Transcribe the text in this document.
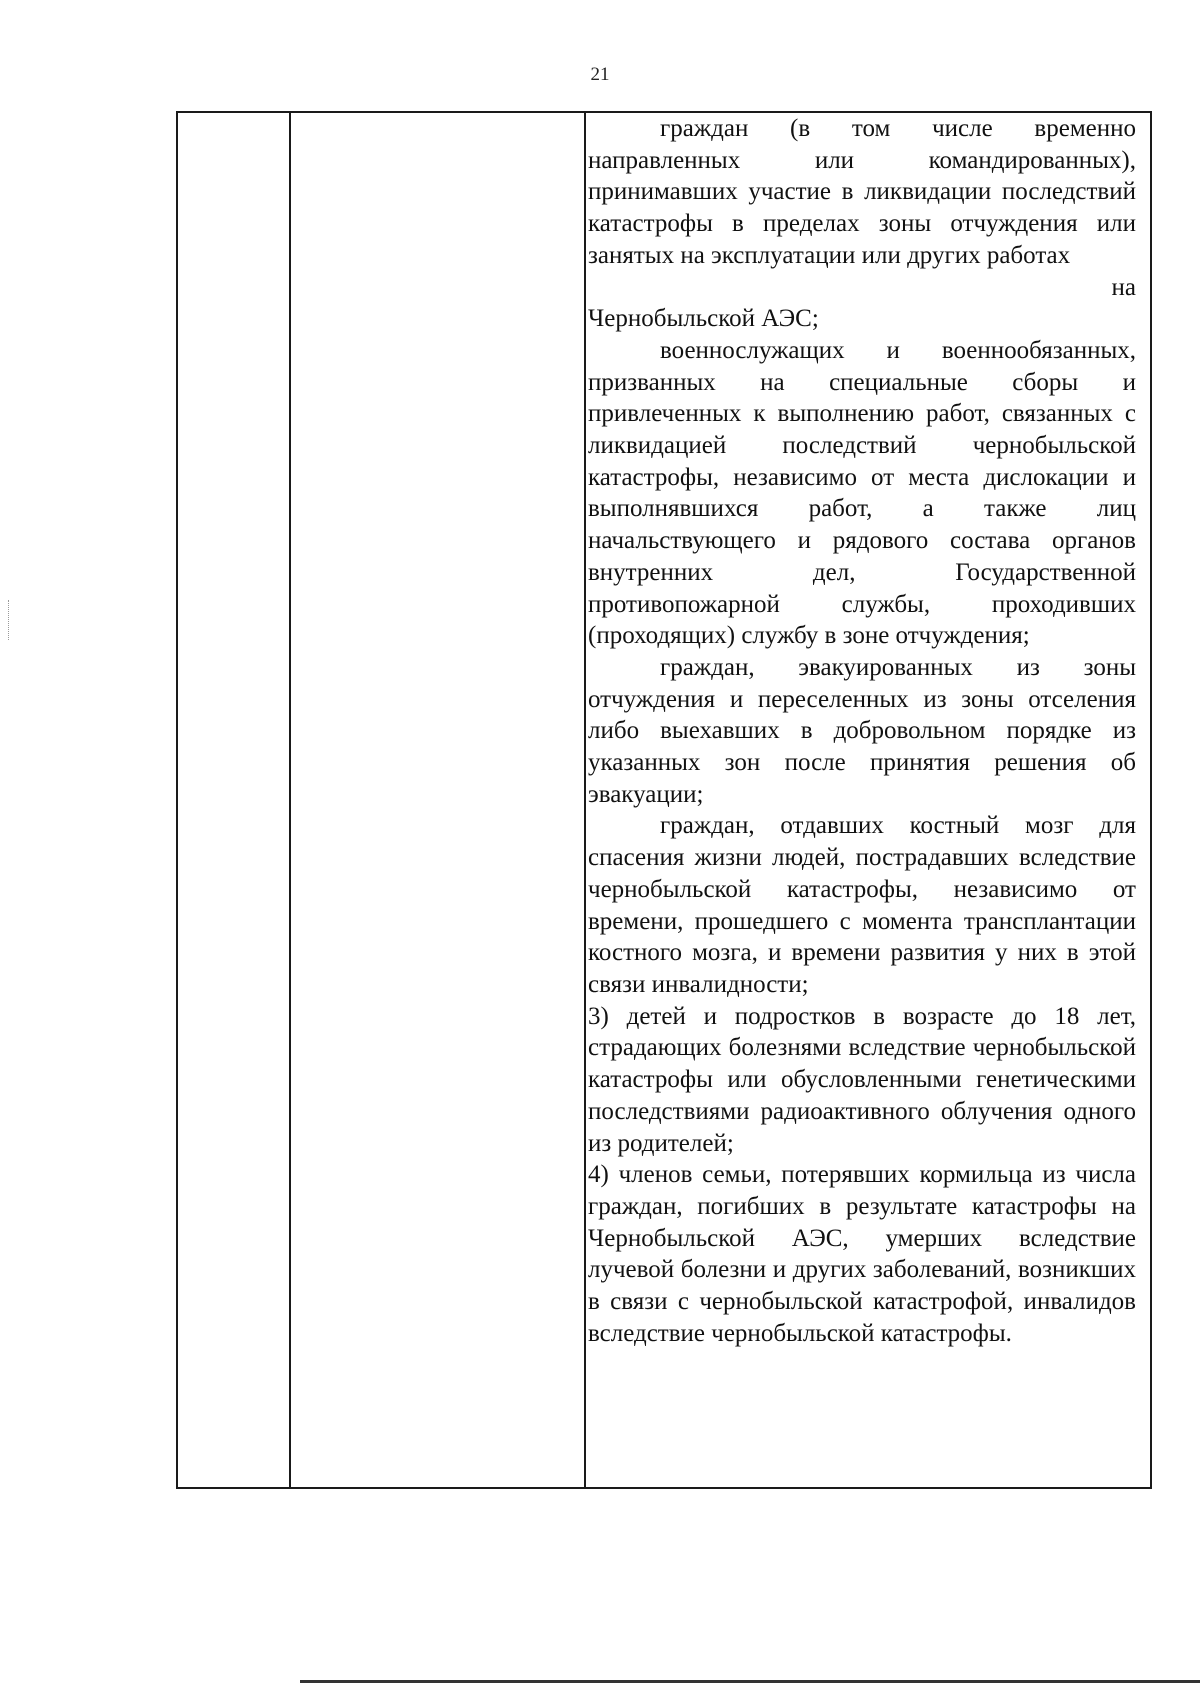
21

граждан (в том числе временно направленных или командированных), принимавших участие в ликвидации последствий катастрофы в пределах зоны отчуждения или занятых на эксплуатации или других работах

на

Чернобыльской АЭС;

военнослужащих и военнообязанных, призванных на специальные сборы и привлеченных к выполнению работ, связанных с ликвидацией последствий чернобыльской катастрофы, независимо от места дислокации и выполнявшихся работ, а также лиц начальствующего и рядового состава органов внутренних дел, Государственной противопожарной службы, проходивших (проходящих) службу в зоне отчуждения;

граждан, эвакуированных из зоны отчуждения и переселенных из зоны отселения либо выехавших в добровольном порядке из указанных зон после принятия решения об эвакуации;

граждан, отдавших костный мозг для спасения жизни людей, пострадавших вследствие чернобыльской катастрофы, независимо от времени, прошедшего с момента трансплантации костного мозга, и времени развития у них в этой связи инвалидности;

3) детей и подростков в возрасте до 18 лет, страдающих болезнями вследствие чернобыльской катастрофы или обусловленными генетическими последствиями радиоактивного облучения одного из родителей;

4) членов семьи, потерявших кормильца из числа граждан, погибших в результате катастрофы на Чернобыльской АЭС, умерших вследствие лучевой болезни и других заболеваний, возникших в связи с чернобыльской катастрофой, инвалидов вследствие чернобыльской катастрофы.
